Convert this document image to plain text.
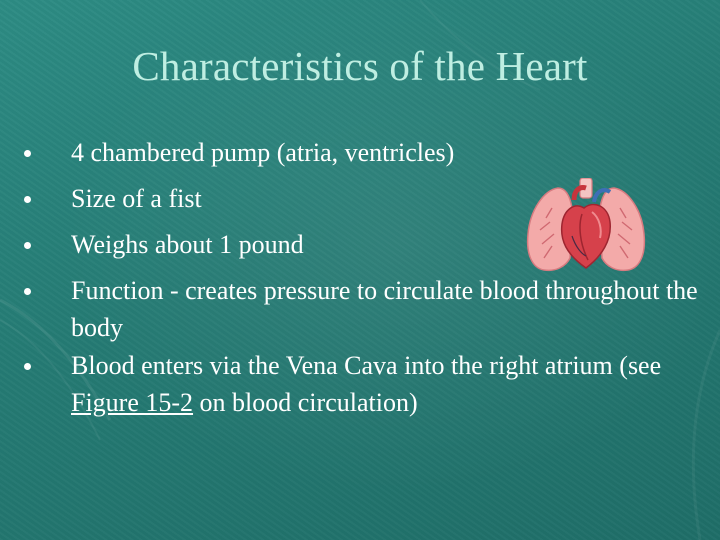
Characteristics of the Heart
4 chambered pump (atria, ventricles)
Size of a fist
Weighs about 1 pound
Function - creates pressure to circulate blood throughout the body
Blood enters via the Vena Cava into the right atrium (see Figure 15-2 on blood circulation)
